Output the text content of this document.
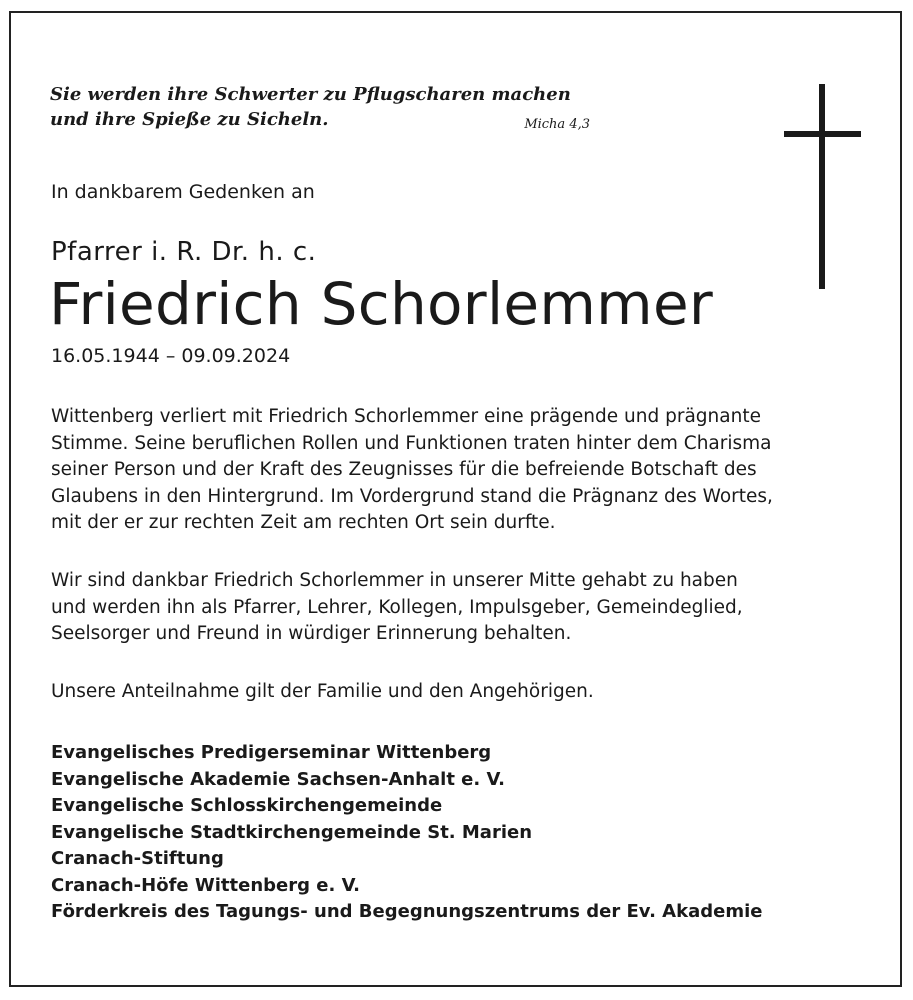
Sie werden ihre Schwerter zu Pflugscharen machen
und ihre Spieße zu Sicheln.	Micha 4,3
In dankbarem Gedenken an
Pfarrer i. R. Dr. h. c.
Friedrich Schorlemmer
16.05.1944 – 09.09.2024
Wittenberg verliert mit Friedrich Schorlemmer eine prägende und prägnante
Stimme. Seine beruflichen Rollen und Funktionen traten hinter dem Charisma
seiner Person und der Kraft des Zeugnisses für die befreiende Botschaft des
Glaubens in den Hintergrund. Im Vordergrund stand die Prägnanz des Wortes,
mit der er zur rechten Zeit am rechten Ort sein durfte.
Wir sind dankbar Friedrich Schorlemmer in unserer Mitte gehabt zu haben
und werden ihn als Pfarrer, Lehrer, Kollegen, Impulsgeber, Gemeindeglied,
Seelsorger und Freund in würdiger Erinnerung behalten.
Unsere Anteilnahme gilt der Familie und den Angehörigen.
Evangelisches Predigerseminar Wittenberg
Evangelische Akademie Sachsen-Anhalt e. V.
Evangelische Schlosskirchengemeinde
Evangelische Stadtkirchengemeinde St. Marien
Cranach-Stiftung
Cranach-Höfe Wittenberg e. V.
Förderkreis des Tagungs- und Begegnungszentrums der Ev. Akademie
